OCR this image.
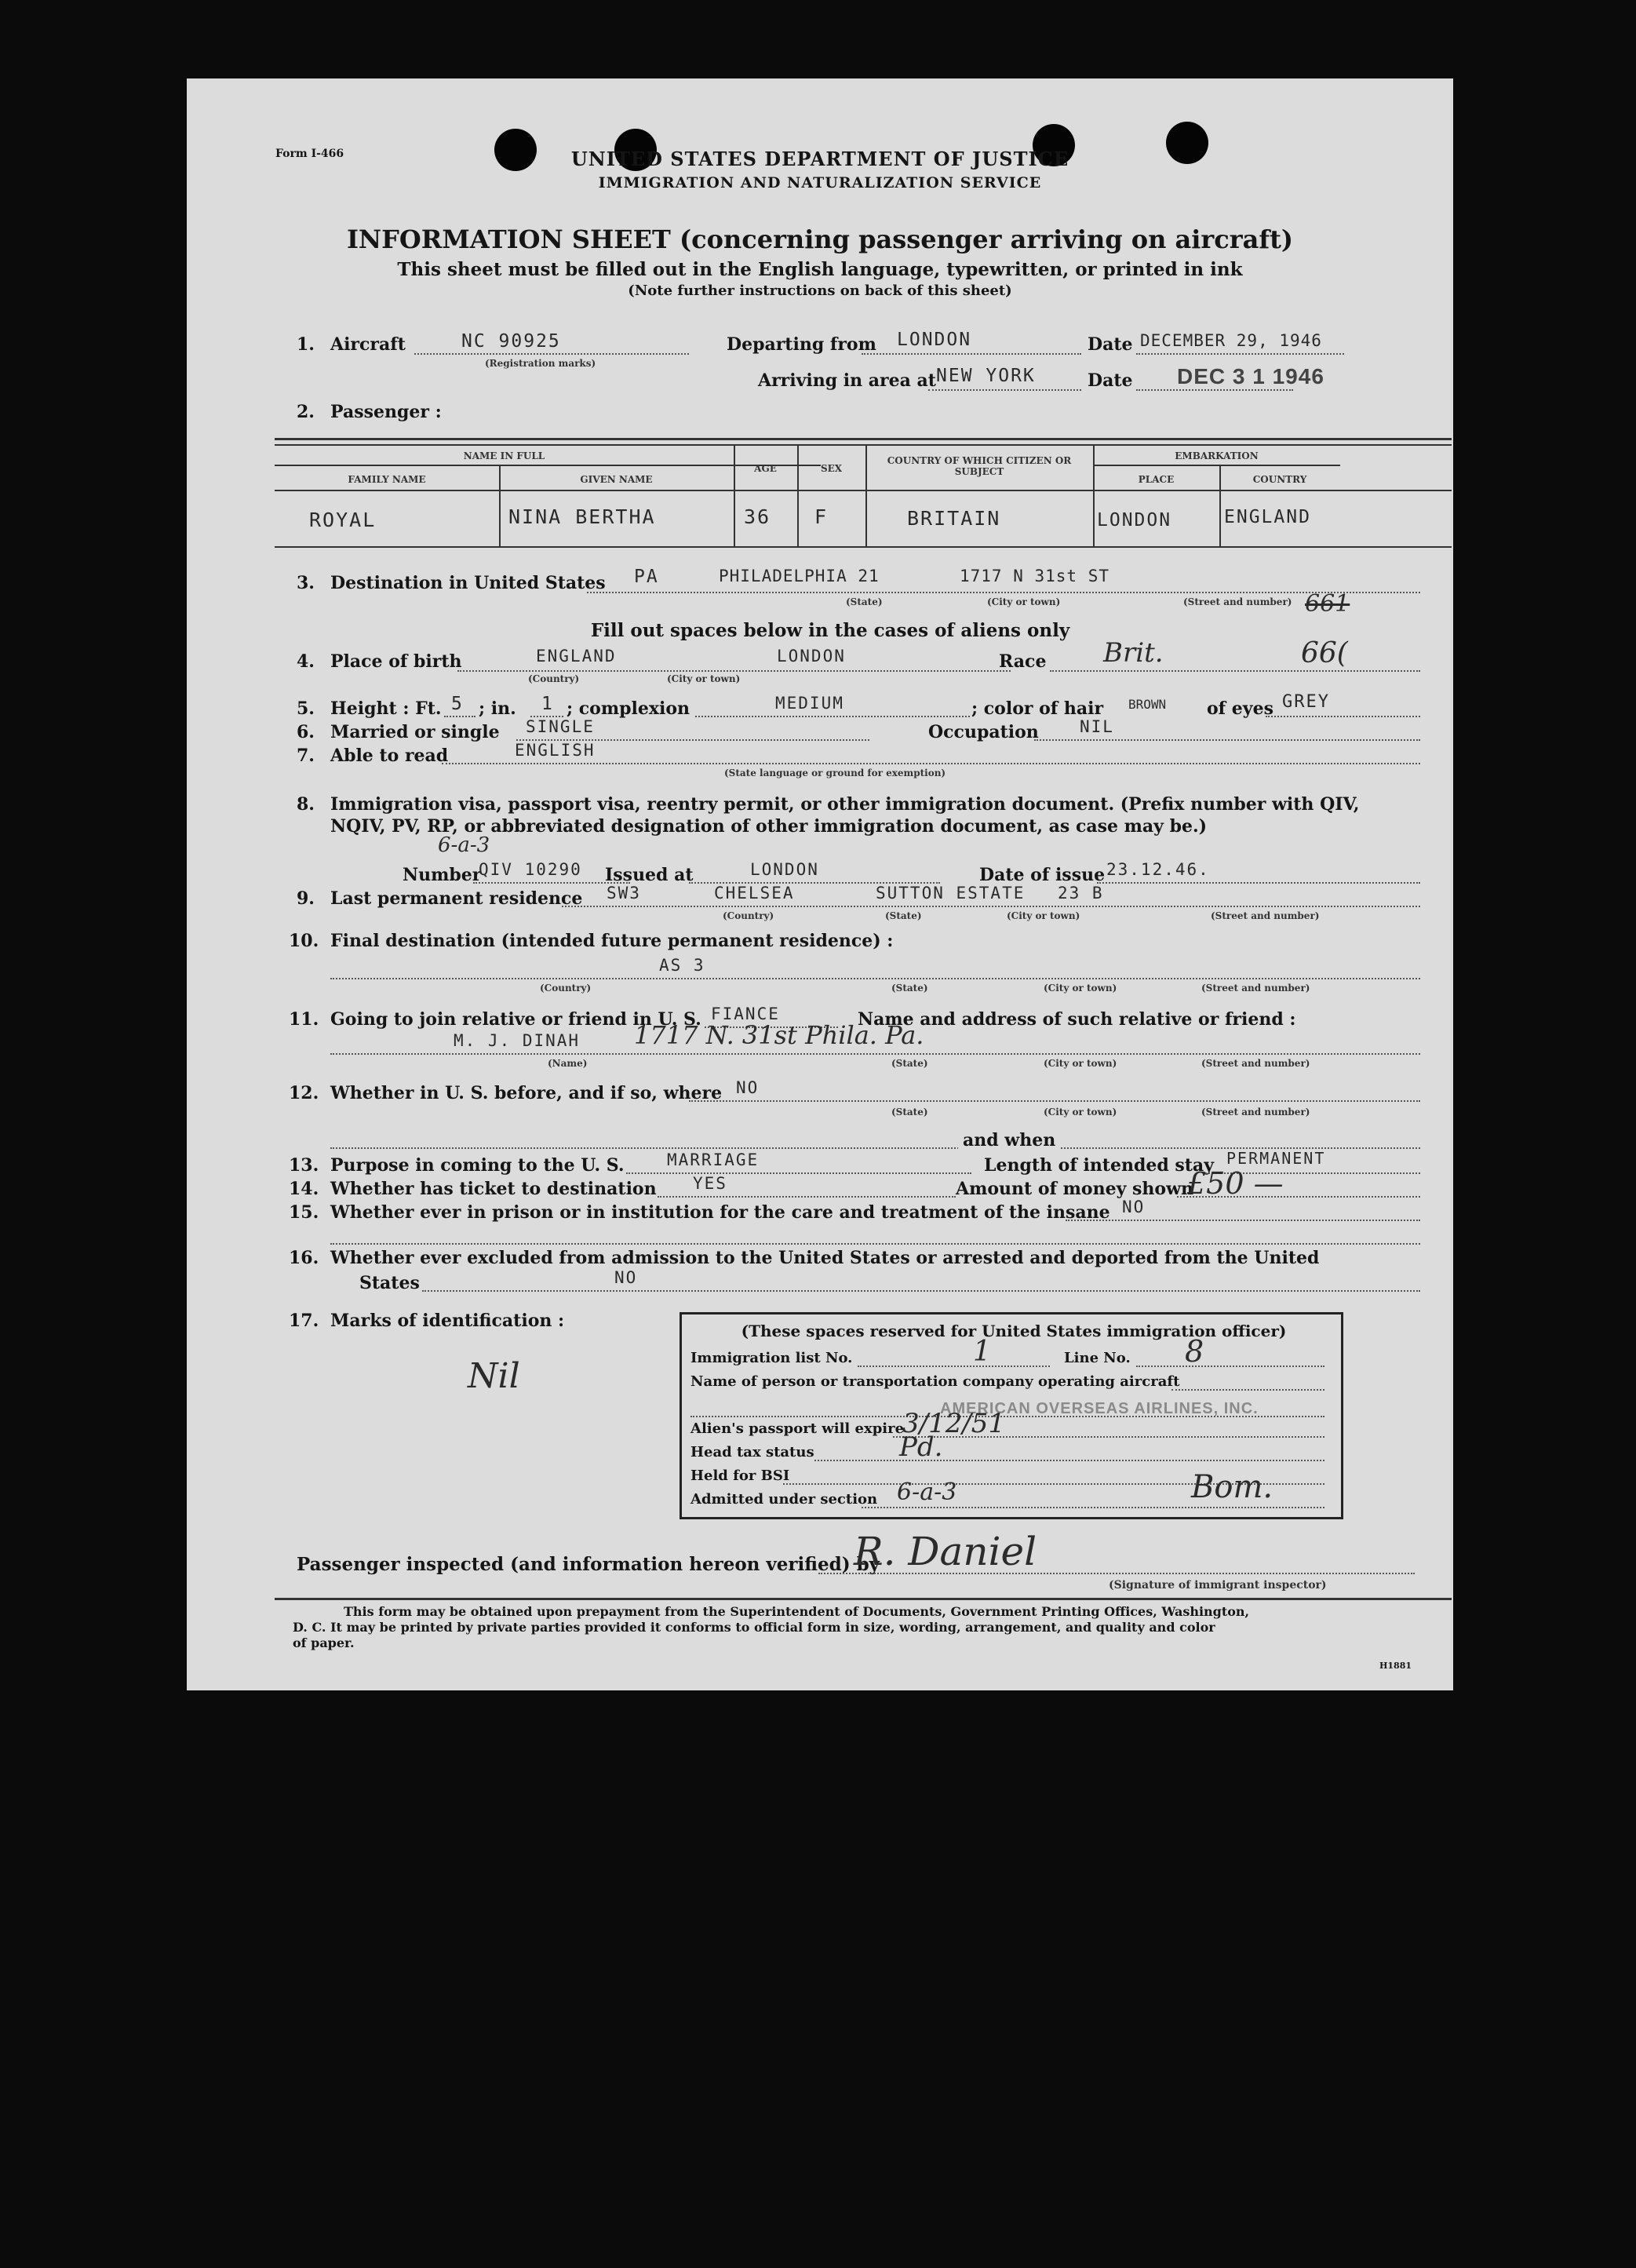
Form I-466	UNITED STATES DEPARTMENT OF JUSTICE
IMMIGRATION AND NATURALIZATION SERVICE
INFORMATION SHEET (concerning passenger arriving on aircraft)
This sheet must be filled out in the English language, typewritten, or printed in ink
(Note further instructions on back of this sheet)
1. Aircraft	NC 90925
(Registration marks)
Departing from LONDON	Date DECEMBER 29, 1946
Arriving in area at NEW YORK	Date DEC 3 1 1946
2. Passenger :
NAME IN FULL
FAMILY NAME	GIVEN NAME
AGE	SEX
COUNTRY OF WHICH CITIZEN OR SUBJECT
EMBARKATION
PLACE	COUNTRY
ROYAL	NINA BERTHA	36 F	BRITAIN	LONDON	ENGLAND
3. Destination in United States PA	PHILADELPHIA 21	1717 N 31st ST
(State)	(City or town)	(Street and number) 661
Fill out spaces below in the cases of aliens only
4. Place of birth	ENGLAND	LONDON
(Country)	(City or town)
Race Brit.	66(
5. Height : Ft. 5 ; in. 1 ; complexion	MEDIUM	; color of hair BROWN of eyes GREY
6. Married or single SINGLE	Occupation NIL
7. Able to read	ENGLISH
(State language or ground for exemption)
8. Immigration visa, passport visa, reentry permit, or other immigration document. (Prefix number with QIV,
NQIV, PV, RP, or abbreviated designation of other immigration document, as case may be.)
6-a-3
Number
QIV 10290 Issued at	LONDON	Date of issue 23.12.46.
9. Last permanent residence SW3	CHELSEA	SUTTON ESTATE 23 B
(Country)	(State)	(City or town)	(Street and number)
10. Final destination (intended future permanent residence) :
AS 3
(Country)	(State)	(City or town)	(Street and number)
11. Going to join relative or friend in U. S. FIANCE	Name and address of such relative or friend :
M. J. DINAH 1717 N. 31st Phila. Pa.
(Name)	(State)	(City or town)	(Street and number)
12. Whether in U. S. before, and if so, where NO
(State)	(City or town)	(Street and number)
and when
13. Purpose in coming to the U. S.	MARRIAGE	Length of intended stay PERMANENT
14. Whether has ticket to destination YES	Amount of money shown
£50 —
15. Whether ever in prison or in institution for the care and treatment of the insane NO
16. Whether ever excluded from admission to the United States or arrested and deported from the United
States	NO
17. Marks of identification :
Nil
(These spaces reserved for United States immigration officer)
Immigration list No.	1	Line No. 8
Name of person or transportation company operating aircraft
AMERICAN OVERSEAS AIRLINES, INC.
Alien's passport will expire
3/12/51
Head tax status	Pd.
Held for BSI
Admitted under section 6-a-3	Bom.
Passenger inspected (and information hereon verified) by
R. Daniel
(Signature of immigrant inspector)
This form may be obtained upon prepayment from the Superintendent of Documents, Government Printing Offices, Washington,
D. C. It may be printed by private parties provided it conforms to official form in size, wording, arrangement, and quality and color
of paper.
H1881
